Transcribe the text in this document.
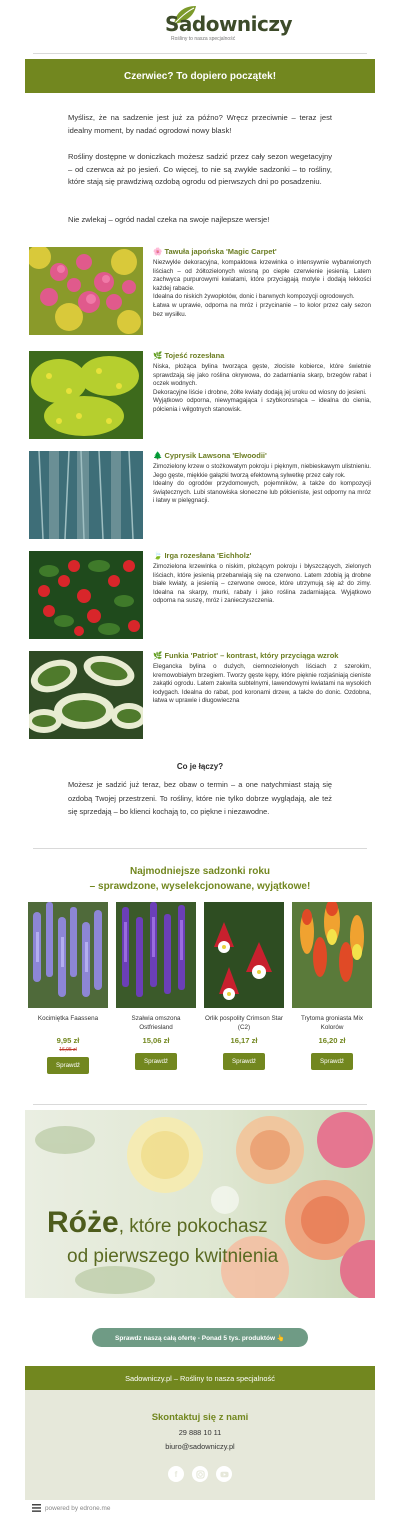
Sadowniczy
Rośliny to nasza specjalność
Czerwiec? To dopiero początek!
Myślisz, że na sadzenie jest już za późno? Wręcz przeciwnie – teraz jest idealny moment, by nadać ogrodowi nowy blask!
Rośliny dostępne w doniczkach możesz sadzić przez cały sezon wegetacyjny – od czerwca aż po jesień. Co więcej, to nie są zwykłe sadzonki – to rośliny, które stają się prawdziwą ozdobą ogrodu od pierwszych dni po posadzeniu.
Nie zwlekaj – ogród nadal czeka na swoje najlepsze wersje!
🌸 Tawuła japońska 'Magic Carpet'
Niezwykle dekoracyjna, kompaktowa krzewinka o intensywnie wybarwionych liściach – od żółtozielonych wiosną po ciepłe czerwienie jesienią. Latem zachwyca purpurowymi kwiatami, które przyciągają motyle i dodają lekkości każdej rabacie.
Idealna do niskich żywopłotów, donic i barwnych kompozycji ogrodowych.
Łatwa w uprawie, odporna na mróz i przycinanie – to kolor przez cały sezon bez wysiłku.
🌿 Tojeść rozesłana
Niska, płożąca bylina tworząca gęste, złociste kobierce, które świetnie sprawdzają się jako roślina okrywowa, do zadarniania skarp, brzegów rabat i oczek wodnych.
Dekoracyjne liście i drobne, żółte kwiaty dodają jej uroku od wiosny do jesieni.
Wyjątkowo odporna, niewymagająca i szybkorosnąca – idealna do cienia, półcienia i wilgotnych stanowisk.
🌲 Cyprysik Lawsona 'Elwoodii'
Zimozielony krzew o stożkowatym pokroju i pięknym, niebieskawym ulistnieniu. Jego gęste, miękkie gałązki tworzą efektowną sylwetkę przez cały rok.
Idealny do ogrodów przydomowych, pojemników, a także do kompozycji świątecznych. Lubi stanowiska słoneczne lub półcieniste, jest odporny na mróz i łatwy w pielęgnacji.
🍃 Irga rozesłana 'Eichholz'
Zimozielona krzewinka o niskim, płożącym pokroju i błyszczących, zielonych liściach, które jesienią przebarwiają się na czerwono. Latem zdobią ją drobne białe kwiaty, a jesienią – czerwone owoce, które utrzymują się aż do zimy. Idealna na skarpy, murki, rabaty i jako roślina zadarniająca. Wyjątkowo odporna na suszę, mróz i zanieczyszczenia.
🌿 Funkia 'Patriot' – kontrast, który przyciąga wzrok
Elegancka bylina o dużych, ciemnozielonych liściach z szerokim, kremowobiałym brzegiem. Tworzy gęste kępy, które pięknie rozjaśniają cieniste zakątki ogrodu. Latem zakwita subtelnymi, lawendowymi kwiatami na wysokich łodygach. Idealna do rabat, pod koronami drzew, a także do donic. Ozdobna, łatwa w uprawie i długowieczna
Co je łączy?
Możesz je sadzić już teraz, bez obaw o termin – a one natychmiast stają się ozdobą Twojej przestrzeni. To rośliny, które nie tylko dobrze wyglądają, ale też się sprzedają – bo klienci kochają to, co piękne i niezawodne.
Najmodniejsze sadzonki roku
– sprawdzone, wyselekcjonowane, wyjątkowe!
Kocimiętka Faassena
9,95 zł
16,95 zł
Sprawdź
Szałwia omszona Ostfriesland
15,06 zł
Sprawdź
Orlik pospolity Crimson Star (C2)
16,17 zł
Sprawdź
Trytoma groniasta Mix Kolorów
16,20 zł
Sprawdź
Róże, które pokochasz
od pierwszego kwitnienia
Sprawdz naszą całą ofertę - Ponad 5 tys. produktów 👆
Sadowniczy.pl – Rośliny to nasza specjalność
Skontaktuj się z nami
29 888 10 11
biuro@sadowniczy.pl
f
powered by edrone.me
